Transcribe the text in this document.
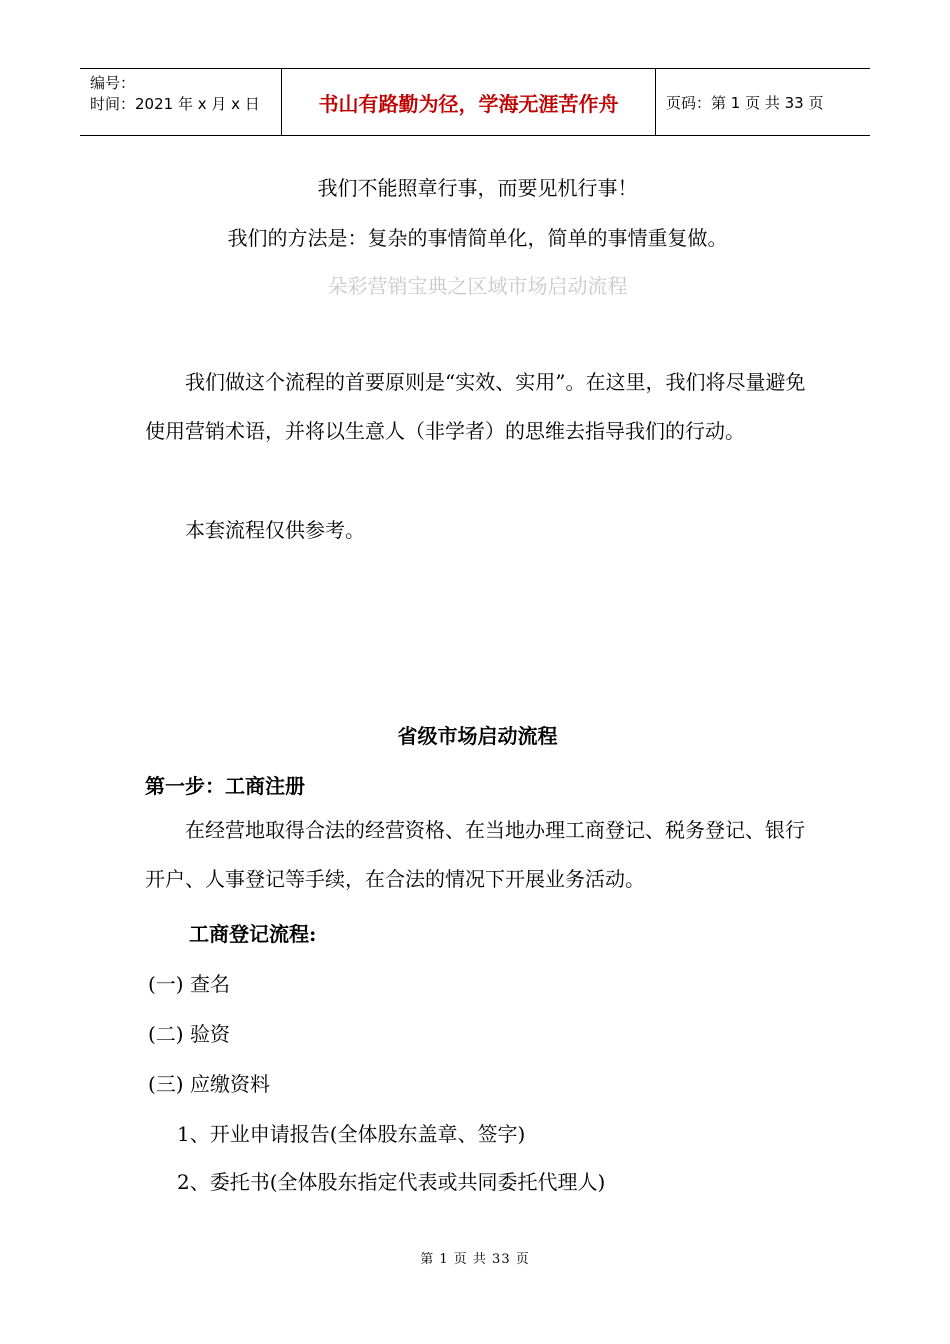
编号：
时间：2021 年 x 月 x 日	书山有路勤为径，学海无涯苦作舟	页码：第 1 页 共 33 页
我们不能照章行事，而要见机行事！
我们的方法是：复杂的事情简单化，简单的事情重复做。
朵彩营销宝典之区域市场启动流程

我们做这个流程的首要原则是“实效、实用”。在这里，我们将尽量避免使用营销术语，并将以生意人（非学者）的思维去指导我们的行动。

本套流程仅供参考。

省级市场启动流程
第一步：工商注册

在经营地取得合法的经营资格、在当地办理工商登记、税务登记、银行开户、人事登记等手续，在合法的情况下开展业务活动。

工商登记流程:
(一) 查名
(二) 验资
(三) 应缴资料
1、开业申请报告(全体股东盖章、签字)
2、委托书(全体股东指定代表或共同委托代理人)
第 1 页 共 33 页
